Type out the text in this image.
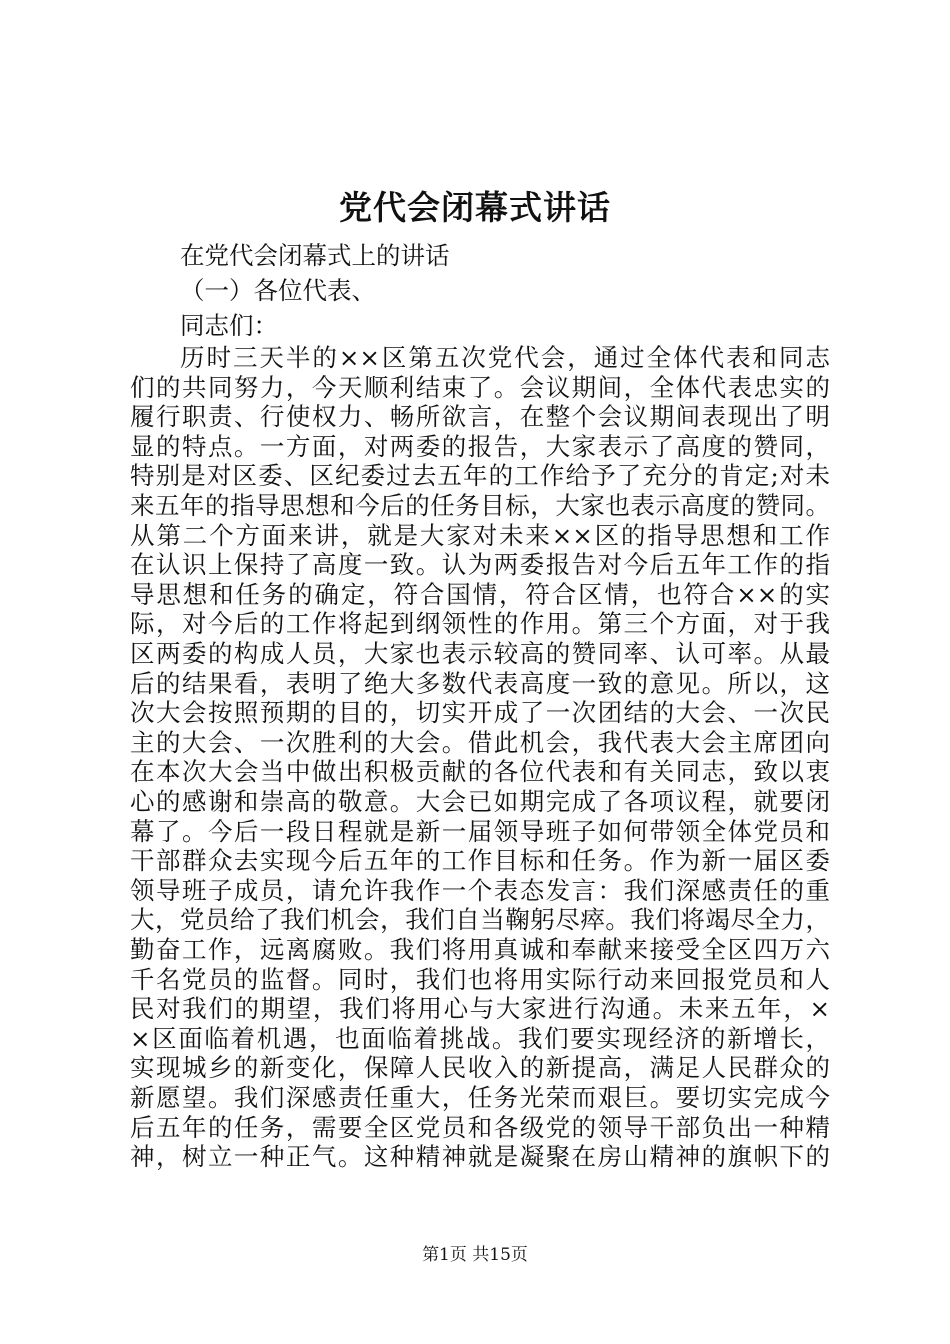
党代会闭幕式讲话
在党代会闭幕式上的讲话
（一）各位代表、
同志们：
历时三天半的××区第五次党代会，通过全体代表和同志
们的共同努力，今天顺利结束了。会议期间，全体代表忠实的
履行职责、行使权力、畅所欲言，在整个会议期间表现出了明
显的特点。一方面，对两委的报告，大家表示了高度的赞同，
特别是对区委、区纪委过去五年的工作给予了充分的肯定;对未
来五年的指导思想和今后的任务目标，大家也表示高度的赞同。
从第二个方面来讲，就是大家对未来××区的指导思想和工作
在认识上保持了高度一致。认为两委报告对今后五年工作的指
导思想和任务的确定，符合国情，符合区情，也符合××的实
际，对今后的工作将起到纲领性的作用。第三个方面，对于我
区两委的构成人员，大家也表示较高的赞同率、认可率。从最
后的结果看，表明了绝大多数代表高度一致的意见。所以，这
次大会按照预期的目的，切实开成了一次团结的大会、一次民
主的大会、一次胜利的大会。借此机会，我代表大会主席团向
在本次大会当中做出积极贡献的各位代表和有关同志，致以衷
心的感谢和崇高的敬意。大会已如期完成了各项议程，就要闭
幕了。今后一段日程就是新一届领导班子如何带领全体党员和
干部群众去实现今后五年的工作目标和任务。作为新一届区委
领导班子成员，请允许我作一个表态发言：我们深感责任的重
大，党员给了我们机会，我们自当鞠躬尽瘁。我们将竭尽全力，
勤奋工作，远离腐败。我们将用真诚和奉献来接受全区四万六
千名党员的监督。同时，我们也将用实际行动来回报党员和人
民对我们的期望，我们将用心与大家进行沟通。未来五年，×
×区面临着机遇，也面临着挑战。我们要实现经济的新增长，
实现城乡的新变化，保障人民收入的新提高，满足人民群众的
新愿望。我们深感责任重大，任务光荣而艰巨。要切实完成今
后五年的任务，需要全区党员和各级党的领导干部负出一种精
神，树立一种正气。这种精神就是凝聚在房山精神的旗帜下的
第1页 共15页
